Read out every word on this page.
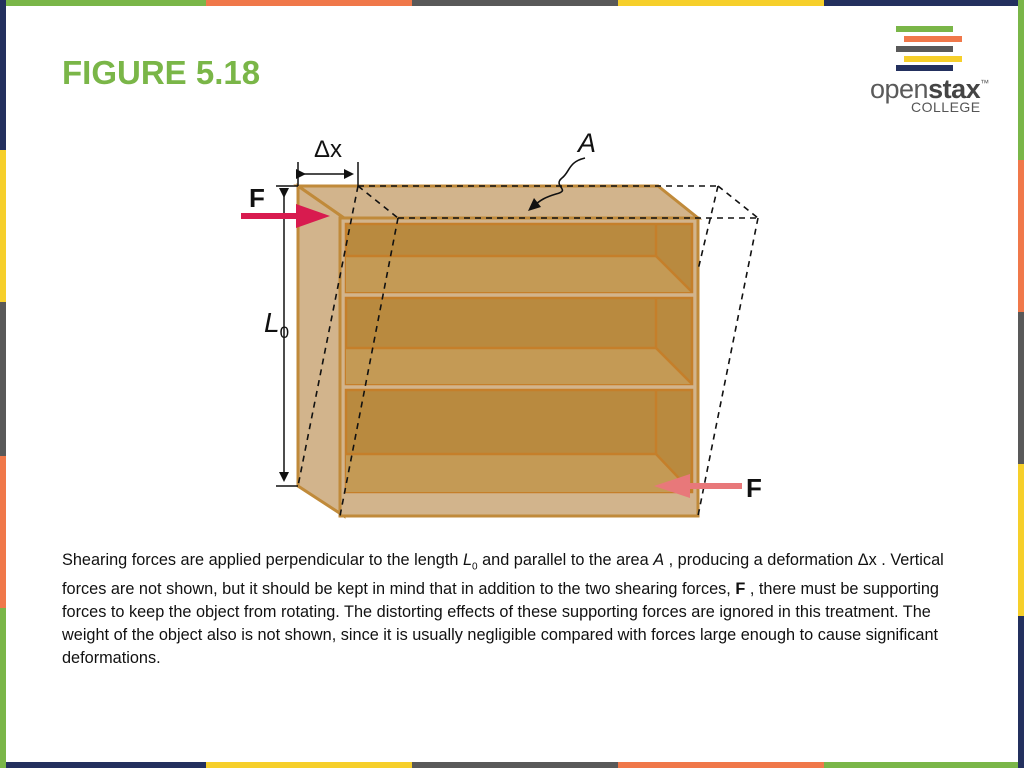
FIGURE 5.18	openstax™
COLLEGE
Δx	A
$L_0$
F
F

Shearing forces are applied perpendicular to the length $L_0$ and parallel to the area A , producing a deformation Δx . Vertical forces are not shown, but it should be kept in mind that in addition to the two shearing forces, F , there must be supporting forces to keep the object from rotating. The distorting effects of these supporting forces are ignored in this treatment. The weight of the object also is not shown, since it is usually negligible compared with forces large enough to cause significant deformations.
